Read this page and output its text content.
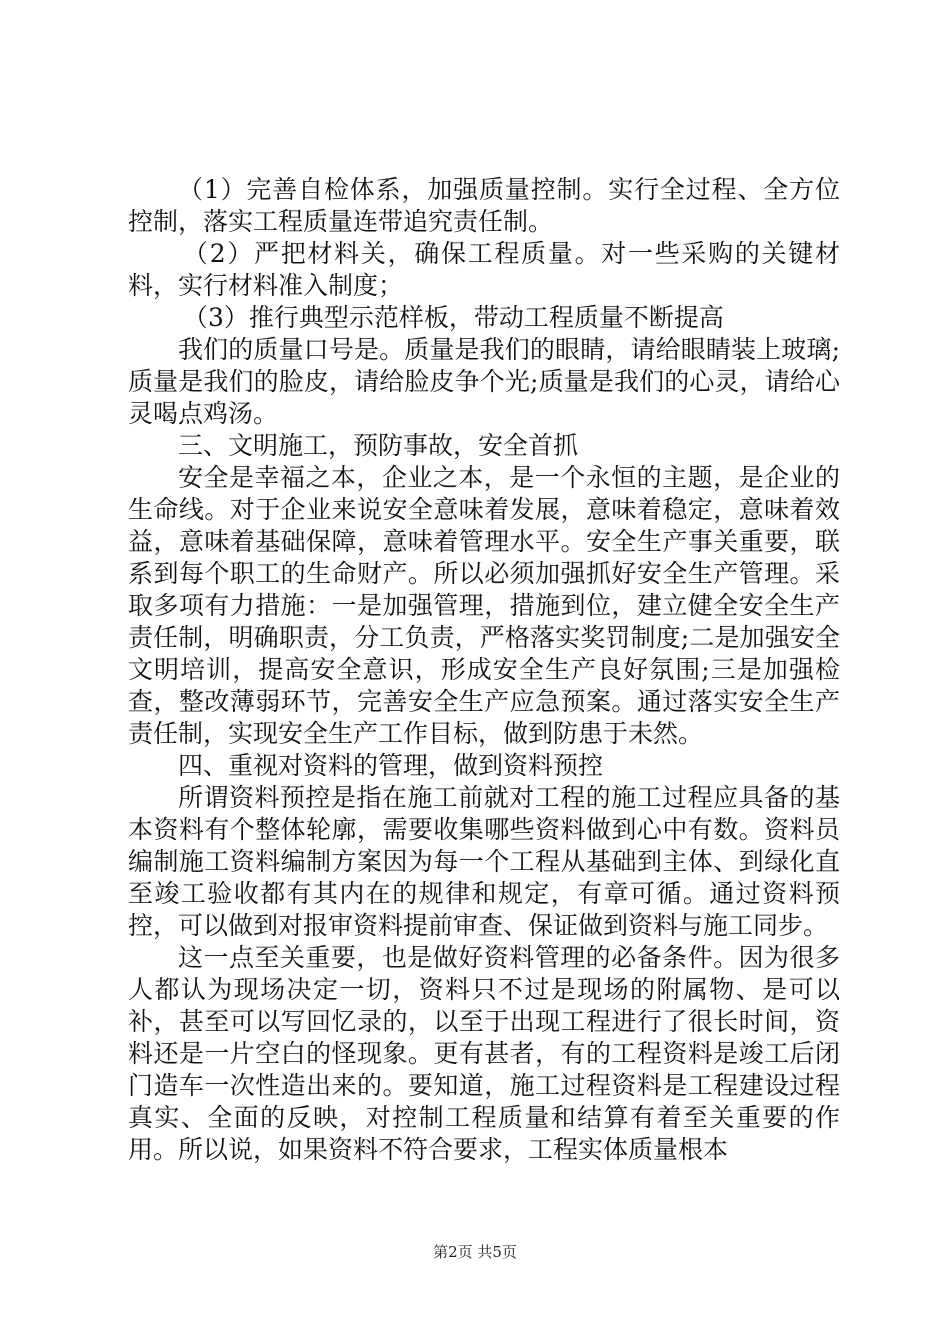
（1）完善自检体系，加强质量控制。实行全过程、全方位控制，落实工程质量连带追究责任制。

（2）严把材料关，确保工程质量。对一些采购的关键材料，实行材料准入制度；

（3）推行典型示范样板，带动工程质量不断提高

我们的质量口号是。质量是我们的眼睛，请给眼睛装上玻璃;质量是我们的脸皮，请给脸皮争个光;质量是我们的心灵，请给心灵喝点鸡汤。

三、文明施工，预防事故，安全首抓

安全是幸福之本，企业之本，是一个永恒的主题，是企业的生命线。对于企业来说安全意味着发展，意味着稳定，意味着效益，意味着基础保障，意味着管理水平。安全生产事关重要，联系到每个职工的生命财产。所以必须加强抓好安全生产管理。采取多项有力措施：一是加强管理，措施到位，建立健全安全生产责任制，明确职责，分工负责，严格落实奖罚制度;二是加强安全文明培训，提高安全意识，形成安全生产良好氛围;三是加强检查，整改薄弱环节，完善安全生产应急预案。通过落实安全生产责任制，实现安全生产工作目标，做到防患于未然。

四、重视对资料的管理，做到资料预控

所谓资料预控是指在施工前就对工程的施工过程应具备的基本资料有个整体轮廓，需要收集哪些资料做到心中有数。资料员编制施工资料编制方案因为每一个工程从基础到主体、到绿化直至竣工验收都有其内在的规律和规定，有章可循。通过资料预控，可以做到对报审资料提前审查、保证做到资料与施工同步。

这一点至关重要，也是做好资料管理的必备条件。因为很多人都认为现场决定一切，资料只不过是现场的附属物、是可以补，甚至可以写回忆录的，以至于出现工程进行了很长时间，资料还是一片空白的怪现象。更有甚者，有的工程资料是竣工后闭门造车一次性造出来的。要知道，施工过程资料是工程建设过程真实、全面的反映，对控制工程质量和结算有着至关重要的作用。所以说，如果资料不符合要求，工程实体质量根本

第2页 共5页
